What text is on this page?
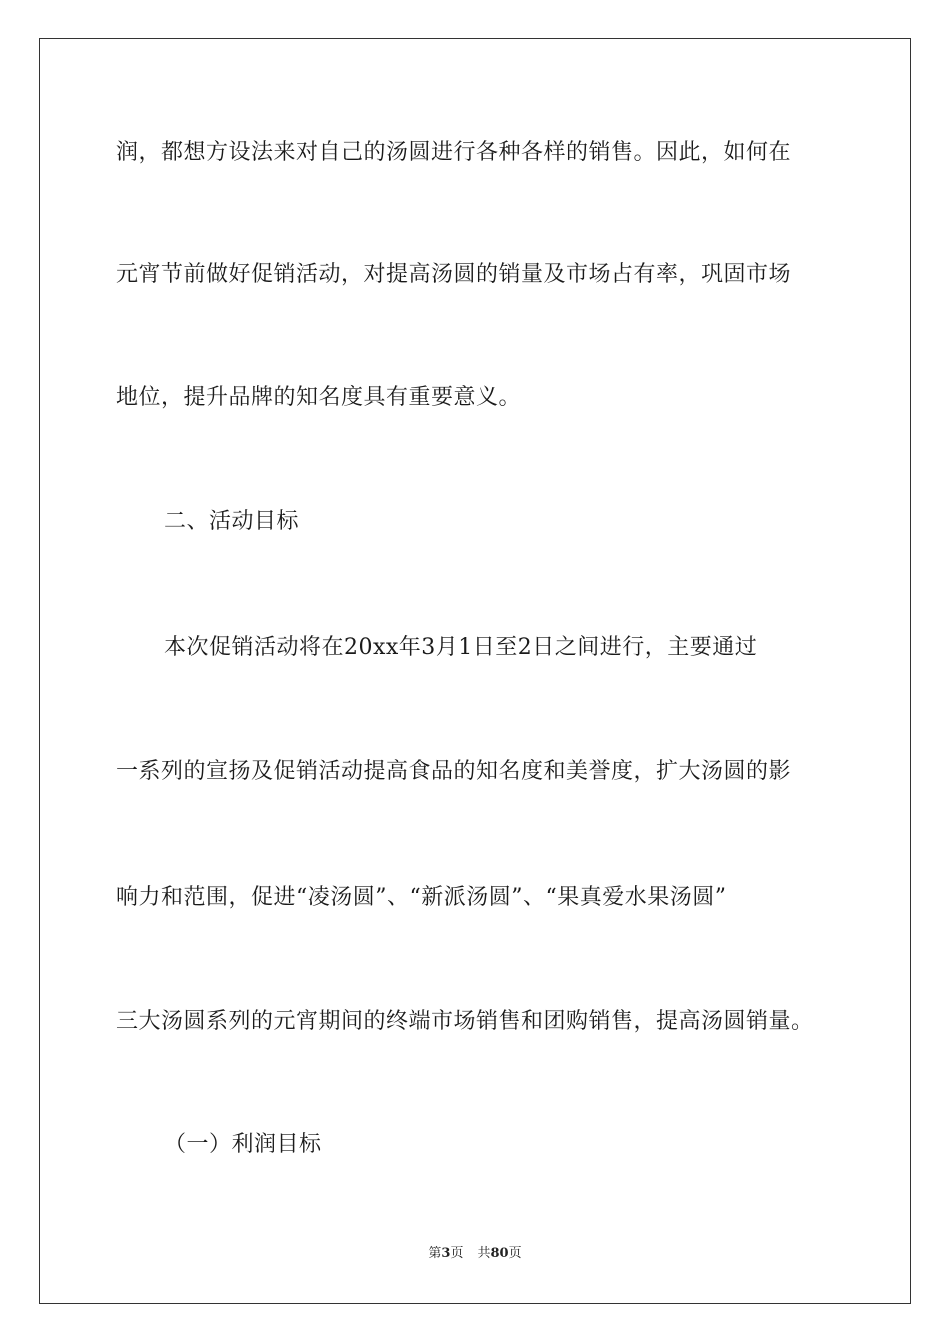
润，都想方设法来对自己的汤圆进行各种各样的销售。因此，如何在
元宵节前做好促销活动，对提高汤圆的销量及市场占有率，巩固市场
地位，提升品牌的知名度具有重要意义。
二、活动目标
本次促销活动将在20xx年3月1日至2日之间进行，主要通过
一系列的宣扬及促销活动提高食品的知名度和美誉度，扩大汤圆的影
响力和范围，促进“凌汤圆”、“新派汤圆”、“果真爱水果汤圆”
三大汤圆系列的元宵期间的终端市场销售和团购销售，提高汤圆销量。
（一）利润目标
第3页 共80页
